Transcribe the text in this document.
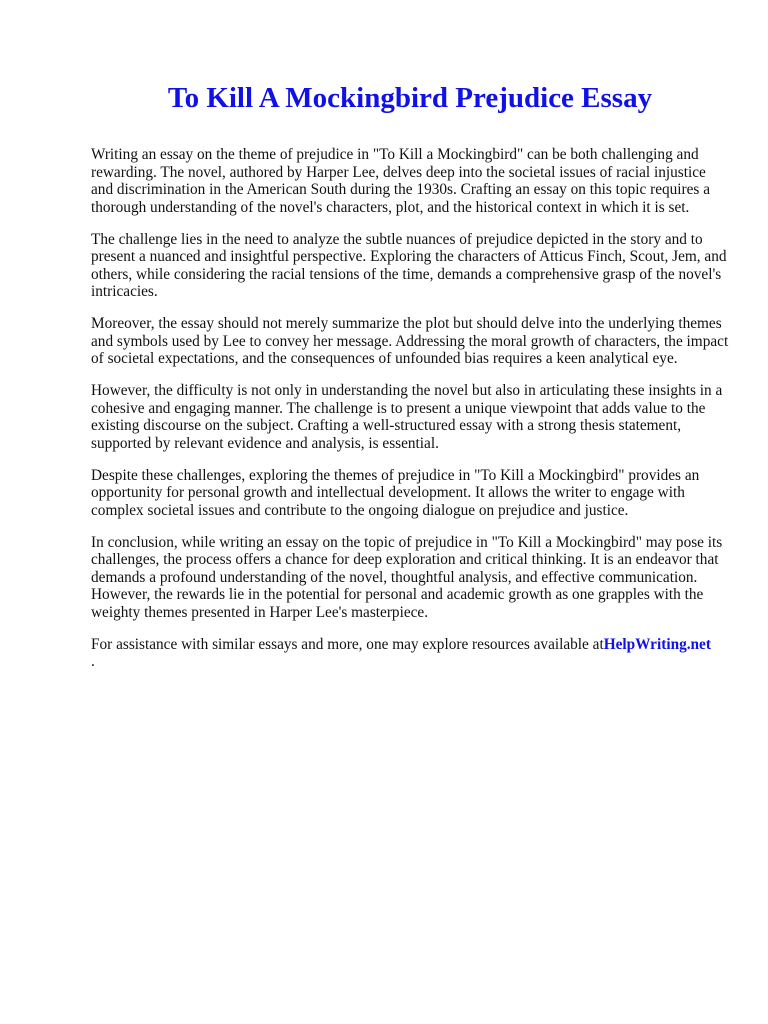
To Kill A Mockingbird Prejudice Essay

Writing an essay on the theme of prejudice in "To Kill a Mockingbird" can be both challenging and rewarding. The novel, authored by Harper Lee, delves deep into the societal issues of racial injustice and discrimination in the American South during the 1930s. Crafting an essay on this topic requires a thorough understanding of the novel's characters, plot, and the historical context in which it is set.

The challenge lies in the need to analyze the subtle nuances of prejudice depicted in the story and to present a nuanced and insightful perspective. Exploring the characters of Atticus Finch, Scout, Jem, and others, while considering the racial tensions of the time, demands a comprehensive grasp of the novel's intricacies.

Moreover, the essay should not merely summarize the plot but should delve into the underlying themes and symbols used by Lee to convey her message. Addressing the moral growth of characters, the impact of societal expectations, and the consequences of unfounded bias requires a keen analytical eye.

However, the difficulty is not only in understanding the novel but also in articulating these insights in a cohesive and engaging manner. The challenge is to present a unique viewpoint that adds value to the existing discourse on the subject. Crafting a well-structured essay with a strong thesis statement, supported by relevant evidence and analysis, is essential.

Despite these challenges, exploring the themes of prejudice in "To Kill a Mockingbird" provides an opportunity for personal growth and intellectual development. It allows the writer to engage with complex societal issues and contribute to the ongoing dialogue on prejudice and justice.

In conclusion, while writing an essay on the topic of prejudice in "To Kill a Mockingbird" may pose its challenges, the process offers a chance for deep exploration and critical thinking. It is an endeavor that demands a profound understanding of the novel, thoughtful analysis, and effective communication. However, the rewards lie in the potential for personal and academic growth as one grapples with the weighty themes presented in Harper Lee's masterpiece.

For assistance with similar essays and more, one may explore resources available atHelpWriting.net
.
